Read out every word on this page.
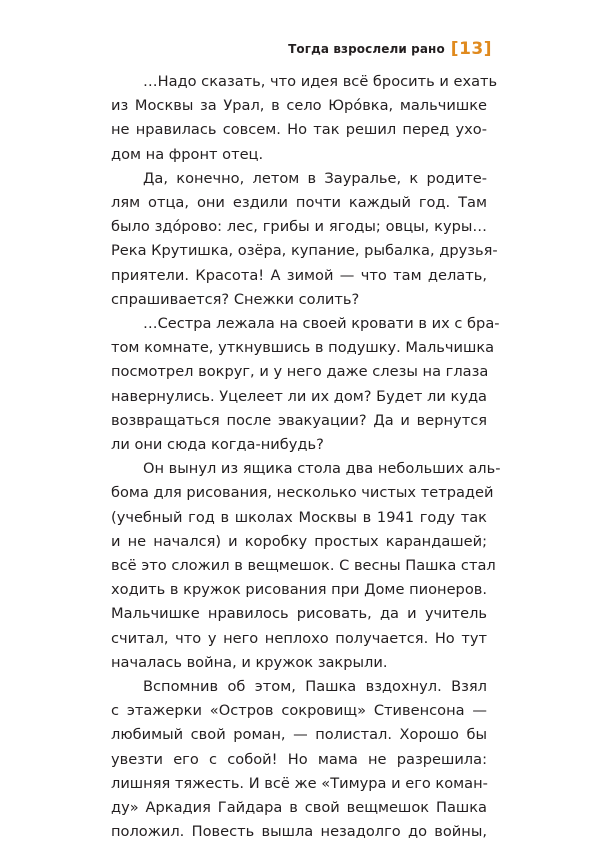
Тогда взрослели рано [13]
…Надо сказать, что идея всё бросить и ехать
из Москвы за Урал, в село Юро́вка, мальчишке
не нравилась совсем. Но так решил перед ухо-
дом на фронт отец.
Да, конечно, летом в Зауралье, к родите-
лям отца, они ездили почти каждый год. Там
было здо́рово: лес, грибы и ягоды; овцы, куры…
Река Крутишка, озёра, купание, рыбалка, друзья-
приятели. Красота! А зимой — что там делать,
спрашивается? Снежки солить?
…Сестра лежала на своей кровати в их с бра-
том комнате, уткнувшись в подушку. Мальчишка
посмотрел вокруг, и у него даже слезы на глаза
навернулись. Уцелеет ли их дом? Будет ли куда
возвращаться после эвакуации? Да и вернутся
ли они сюда когда-нибудь?
Он вынул из ящика стола два небольших аль-
бома для рисования, несколько чистых тетрадей
(учебный год в школах Москвы в 1941 году так
и не начался) и коробку простых карандашей;
всё это сложил в вещмешок. С весны Пашка стал
ходить в кружок рисования при Доме пионеров.
Мальчишке нравилось рисовать, да и учитель
считал, что у него неплохо получается. Но тут
началась война, и кружок закрыли.
Вспомнив об этом, Пашка вздохнул. Взял
с этажерки «Остров сокровищ» Стивенсона —
любимый свой роман, — полистал. Хорошо бы
увезти его с собой! Но мама не разрешила:
лишняя тяжесть. И всё же «Тимура и его коман-
ду» Аркадия Гайдара в свой вещмешок Пашка
положил. Повесть вышла незадолго до войны,
